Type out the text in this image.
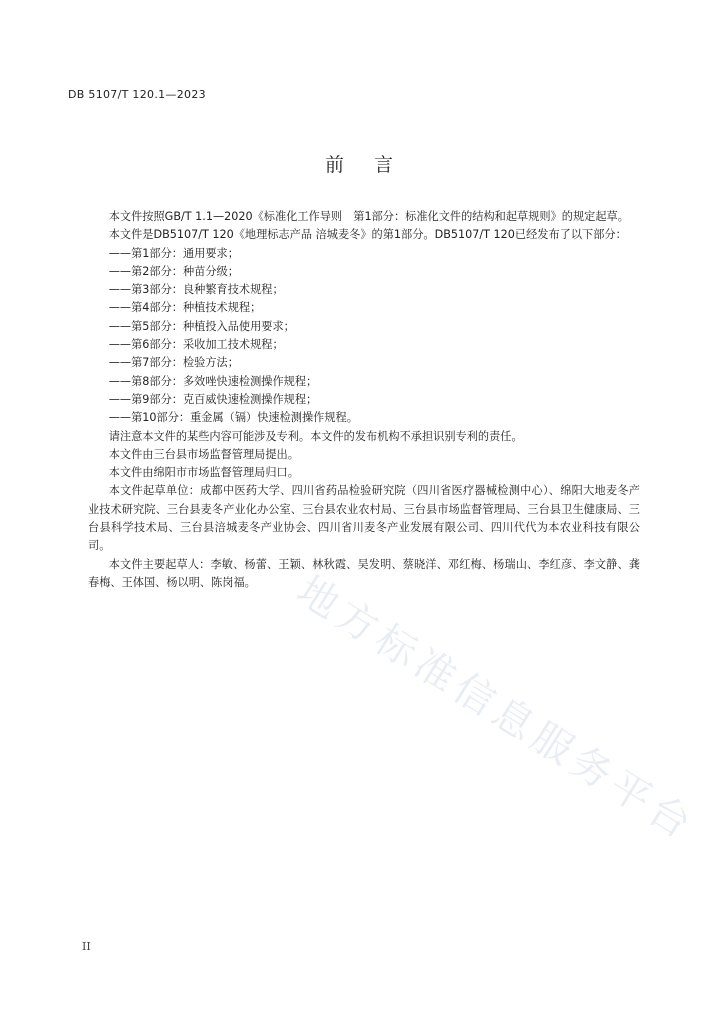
DB 5107/T 120.1—2023
前言

本文件按照GB/T 1.1—2020《标准化工作导则　第1部分：标准化文件的结构和起草规则》的规定起草。

本文件是DB5107/T 120《地理标志产品 涪城麦冬》的第1部分。DB5107/T 120已经发布了以下部分：

——第1部分：通用要求；

——第2部分：种苗分级；

——第3部分：良种繁育技术规程；

——第4部分：种植技术规程；

——第5部分：种植投入品使用要求；

——第6部分：采收加工技术规程；

——第7部分：检验方法；

——第8部分：多效唑快速检测操作规程；

——第9部分：克百威快速检测操作规程；

——第10部分：重金属（镉）快速检测操作规程。

请注意本文件的某些内容可能涉及专利。本文件的发布机构不承担识别专利的责任。

本文件由三台县市场监督管理局提出。

本文件由绵阳市市场监督管理局归口。

本文件起草单位：成都中医药大学、四川省药品检验研究院（四川省医疗器械检测中心）、绵阳大地麦冬产业技术研究院、三台县麦冬产业化办公室、三台县农业农村局、三台县市场监督管理局、三台县卫生健康局、三台县科学技术局、三台县涪城麦冬产业协会、四川省川麦冬产业发展有限公司、四川代代为本农业科技有限公司。

本文件主要起草人：李敏、杨蕾、王颖、林秋霞、吴发明、蔡晓洋、邓红梅、杨瑞山、李红彦、李文静、龚春梅、王体国、杨以明、陈岗福。 地方标准信息服务平台
II
